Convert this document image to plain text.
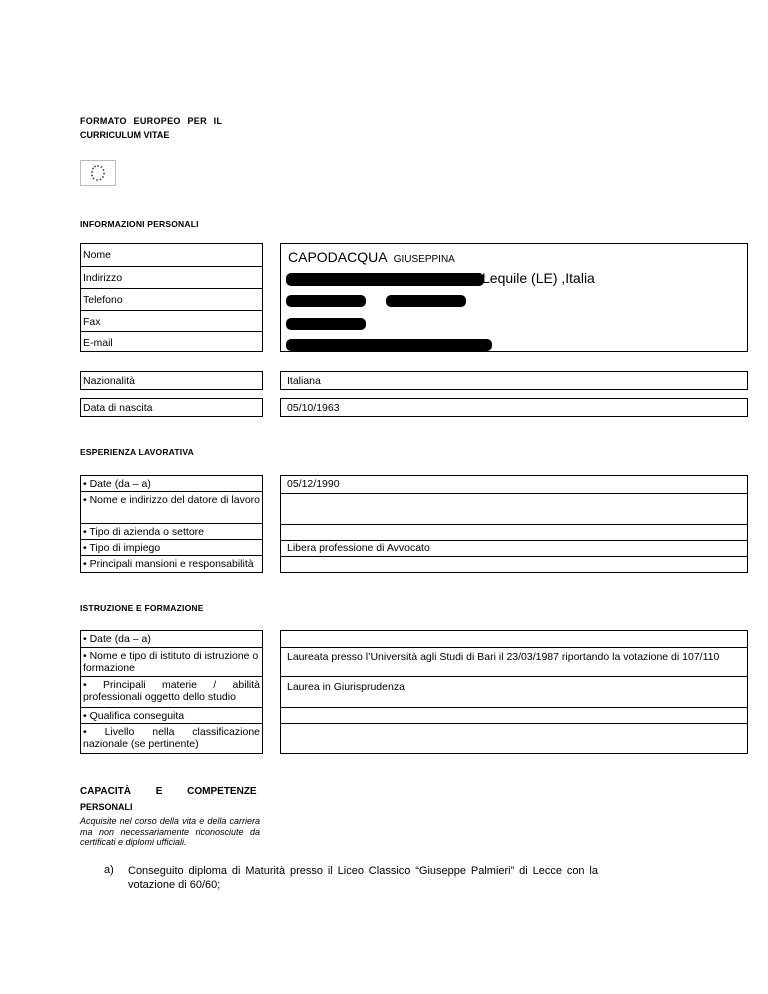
FORMATO EUROPEO PER IL
CURRICULUM VITAE
INFORMAZIONI PERSONALI
Nome
Indirizzo
Telefono
Fax
E-mail
CAPODACQUA GIUSEPPINA
Lequile (LE) ,Italia

Nazionalità	Italiana
Data di nascita	05/10/1963
ESPERIENZA LAVORATIVA
• Date (da – a)
• Nome e indirizzo del datore di lavoro
• Tipo di azienda o settore
• Tipo di impiego
• Principali mansioni e responsabilità
05/12/1990
Libera professione di Avvocato
ISTRUZIONE E FORMAZIONE
• Date (da – a)
• Nome e tipo di istituto di istruzione o formazione
• Principali materie / abilità professionali oggetto dello studio
• Qualifica conseguita
• Livello nella classificazione nazionale (se pertinente)
Laureata presso l’Università agli Studi di Bari il 23/03/1987 riportando la votazione di 107/110
Laurea in Giurisprudenza
CAPACITÀ E COMPETENZE
PERSONALI
Acquisite nel corso della vita e della carriera ma non necessariamente riconosciute da certificati e diplomi ufficiali.
a) Conseguito diploma di Maturità presso il Liceo Classico “Giuseppe Palmieri” di Lecce con la votazione di 60/60;
